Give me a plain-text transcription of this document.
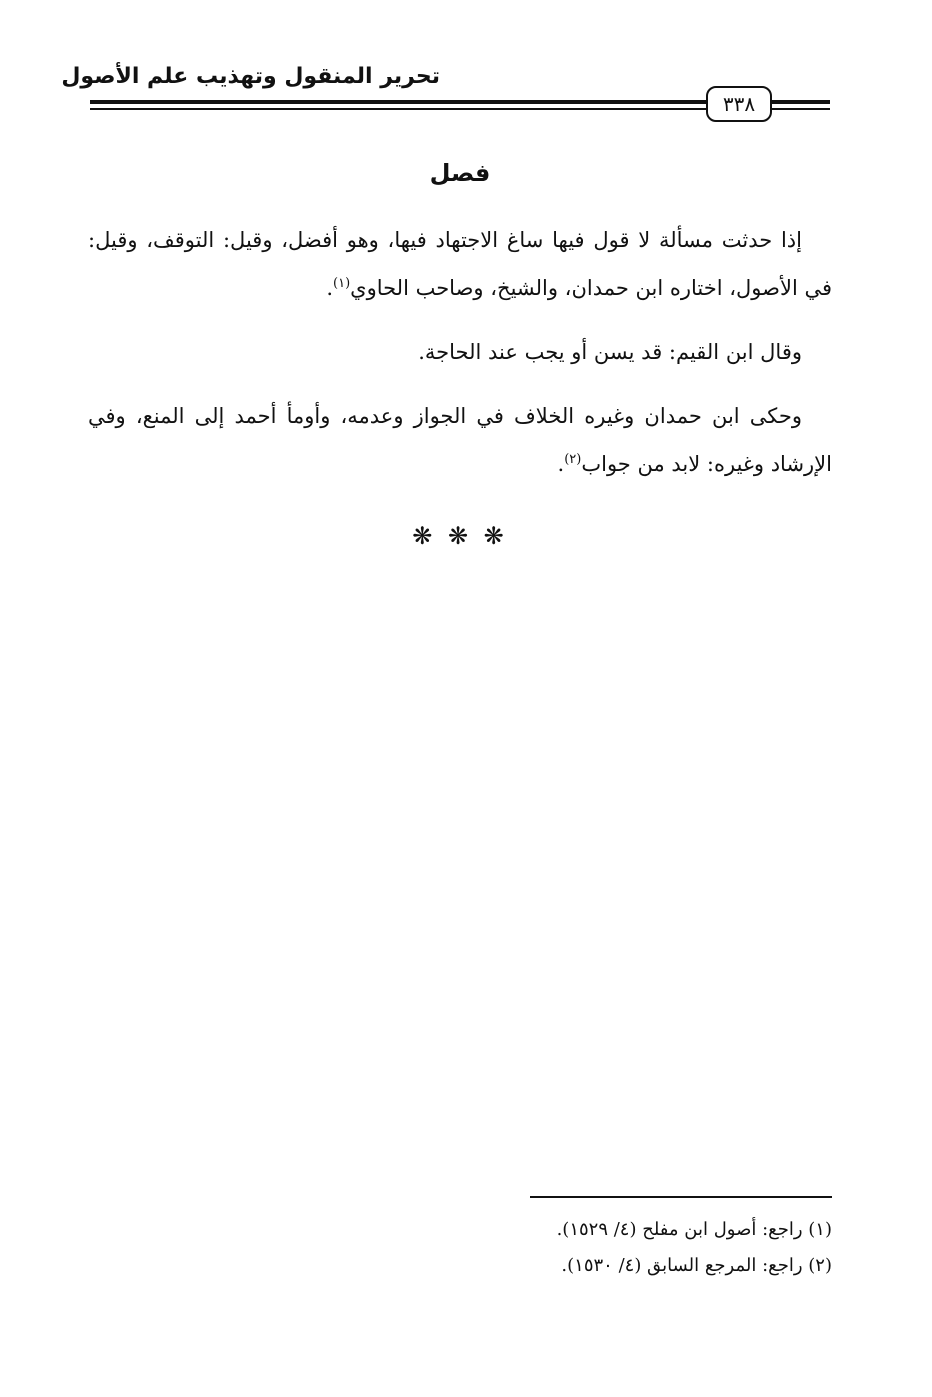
تحرير المنقول وتهذيب علم الأصول
٣٣٨
فصل

إذا حدثت مسألة لا قول فيها ساغ الاجتهاد فيها، وهو أفضل، وقيل: التوقف، وقيل: في الأصول، اختاره ابن حمدان، والشيخ، وصاحب الحاوي$^{(١)}$.

وقال ابن القيم: قد يسن أو يجب عند الحاجة.

وحكى ابن حمدان وغيره الخلاف في الجواز وعدمه، وأومأ أحمد إلى المنع، وفي الإرشاد وغيره: لابد من جواب$^{(٢)}$.

❋ ❋ ❋

(١) راجع: أصول ابن مفلح (٤/ ١٥٢٩).

(٢) راجع: المرجع السابق (٤/ ١٥٣٠).
